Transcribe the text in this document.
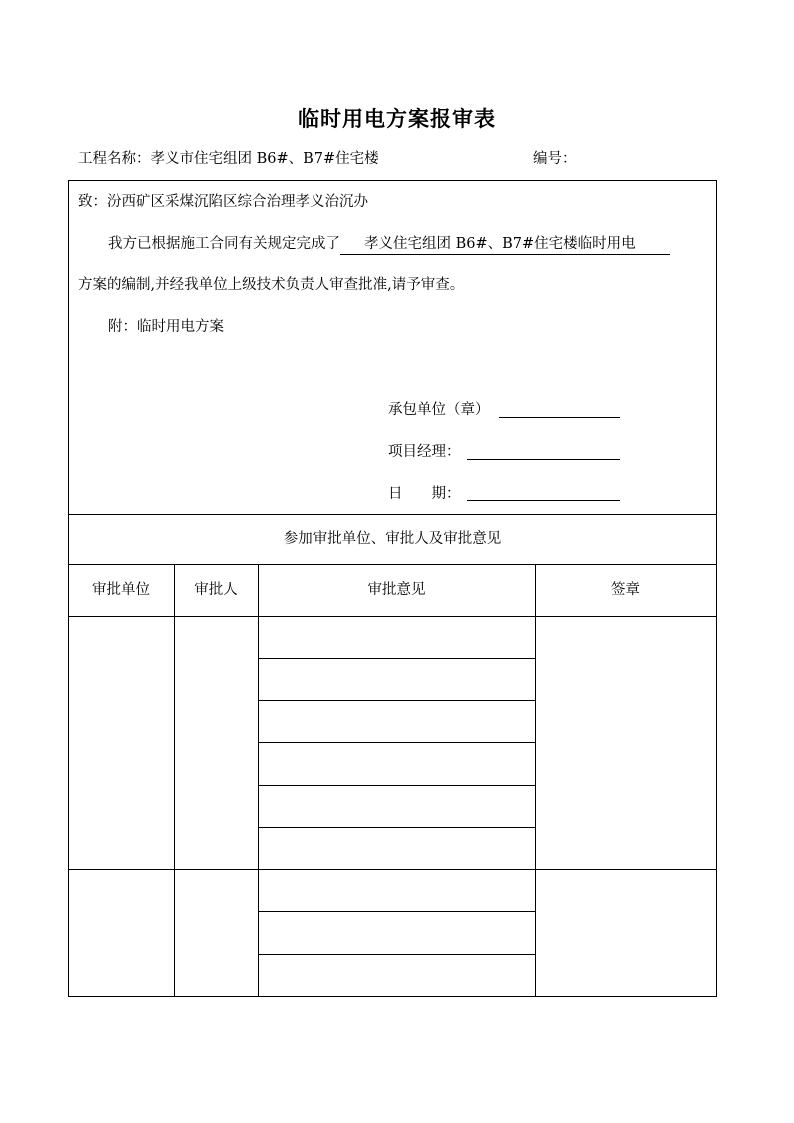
临时用电方案报审表
工程名称：孝义市住宅组团 B6#、B7#住宅楼	编号：
致：汾西矿区采煤沉陷区综合治理孝义治沉办
我方已根据施工合同有关规定完成了 孝义住宅组团 B6#、B7#住宅楼临时用电
方案的编制,并经我单位上级技术负责人审查批准,请予审查。
附：临时用电方案
承包单位（章）
项目经理：
日　　期：
参加审批单位、审批人及审批意见
审批单位	审批人	审批意见	签章
